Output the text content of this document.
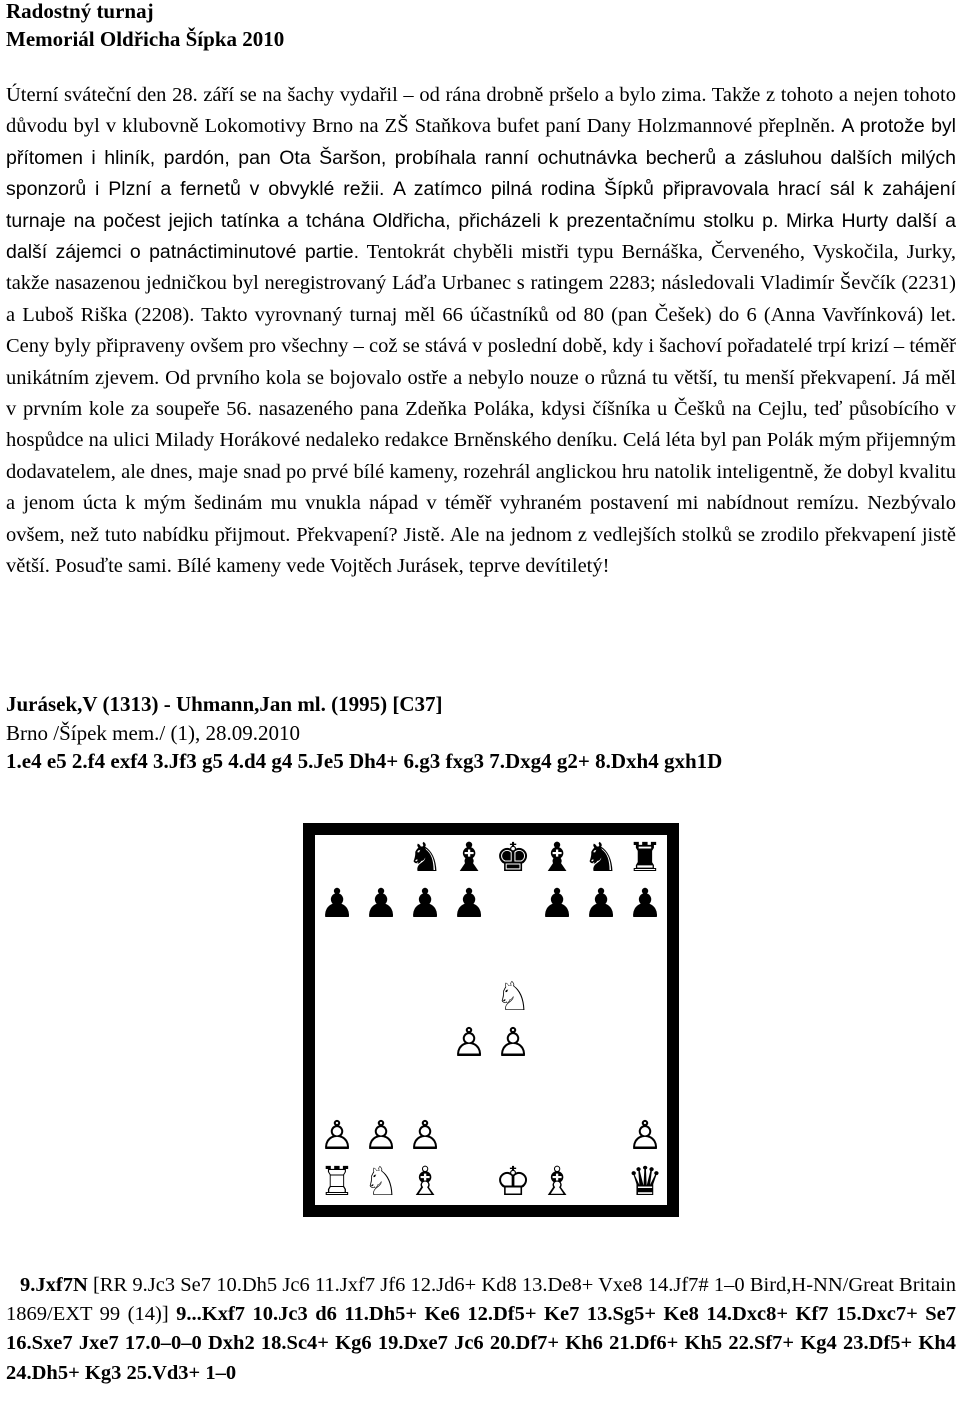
Radostný turnaj
Memoriál Oldřicha Šípka 2010

Úterní sváteční den 28. září se na šachy vydařil – od rána drobně pršelo a bylo zima. Takže z tohoto a nejen tohoto důvodu byl v klubovně Lokomotivy Brno na ZŠ Staňkova bufet paní Dany Holzmannové přeplněn. A protože byl přítomen i hliník, pardón, pan Ota Šaršon, probíhala ranní ochutnávka becherů a zásluhou dalších milých sponzorů i Plzní a fernetů v obvyklé režii. A zatímco pilná rodina Šípků připravovala hrací sál k zahájení turnaje na počest jejich tatínka a tchána Oldřicha, přicházeli k prezentačnímu stolku p. Mirka Hurty další a další zájemci o patnáctiminutové partie. Tentokrát chyběli mistři typu Bernáška, Červeného, Vyskočila, Jurky, takže nasazenou jedničkou byl neregistrovaný Láďa Urbanec s ratingem 2283; následovali Vladimír Ševčík (2231) a Luboš Riška (2208). Takto vyrovnaný turnaj měl 66 účastníků od 80 (pan Češek) do 6 (Anna Vavřínková) let. Ceny byly připraveny ovšem pro všechny – což se stává v poslední době, kdy i šachoví pořadatelé trpí krizí – téměř unikátním zjevem. Od prvního kola se bojovalo ostře a nebylo nouze o různá tu větší, tu menší překvapení. Já měl v prvním kole za soupeře 56. nasazeného pana Zdeňka Poláka, kdysi číšníka u Češků na Cejlu, teď působícího v hospůdce na ulici Milady Horákové nedaleko redakce Brněnského deníku. Celá léta byl pan Polák mým přijemným dodavatelem, ale dnes, maje snad po prvé bílé kameny, rozehrál anglickou hru natolik inteligentně, že dobyl kvalitu a jenom úcta k mým šedinám mu vnukla nápad v téměř vyhraném postavení mi nabídnout remízu. Nezbývalo ovšem, než tuto nabídku přijmout. Překvapení? Jistě. Ale na jednom z vedlejších stolků se zrodilo překvapení jistě větší. Posuďte sami. Bílé kameny vede Vojtěch Jurásek, teprve devítiletý!

Jurásek,V (1313) - Uhmann,Jan ml. (1995) [C37]
Brno /Šípek mem./ (1), 28.09.2010
1.e4 e5 2.f4 exf4 3.Jf3 g5 4.d4 g4 5.Je5 Dh4+ 6.g3 fxg3 7.Dxg4 g2+ 8.Dxh4 gxh1D
♞ ♝ ♚ ♝ ♞ ♜
♟ ♟ ♟ ♟ ♟ ♟ ♟
♘
♙ ♙
♙ ♙ ♙	♙
♖ ♘ ♗ ♔ ♗ ♛

9.Jxf7N [RR 9.Jc3 Se7 10.Dh5 Jc6 11.Jxf7 Jf6 12.Jd6+ Kd8 13.De8+ Vxe8 14.Jf7# 1–0 Bird,H-NN/Great Britain 1869/EXT 99 (14)] 9...Kxf7 10.Jc3 d6 11.Dh5+ Ke6 12.Df5+ Ke7 13.Sg5+ Ke8 14.Dxc8+ Kf7 15.Dxc7+ Se7 16.Sxe7 Jxe7 17.0–0–0 Dxh2 18.Sc4+ Kg6 19.Dxe7 Jc6 20.Df7+ Kh6 21.Df6+ Kh5 22.Sf7+ Kg4 23.Df5+ Kh4 24.Dh5+ Kg3 25.Vd3+ 1–0
